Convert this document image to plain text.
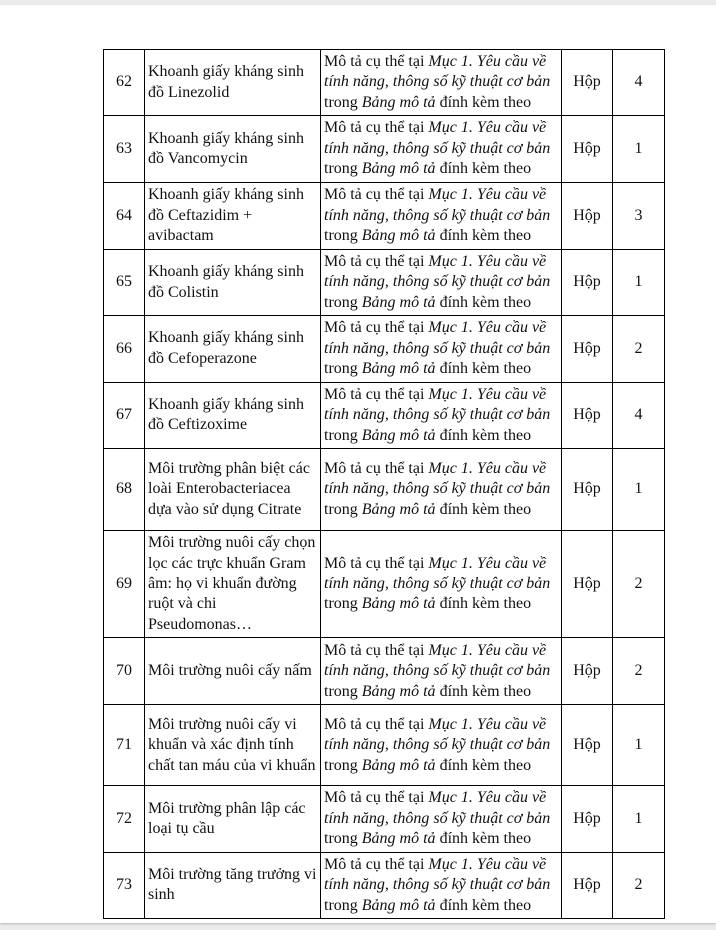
62	Khoanh giấy kháng sinh đồ Linezolid	Mô tả cụ thể tại Mục 1. Yêu cầu về tính năng, thông số kỹ thuật cơ bản trong Bảng mô tả đính kèm theo	Hộp	4
63	Khoanh giấy kháng sinh đồ Vancomycin	Mô tả cụ thể tại Mục 1. Yêu cầu về tính năng, thông số kỹ thuật cơ bản trong Bảng mô tả đính kèm theo	Hộp	1
64	Khoanh giấy kháng sinh đồ Ceftazidim + avibactam	Mô tả cụ thể tại Mục 1. Yêu cầu về tính năng, thông số kỹ thuật cơ bản trong Bảng mô tả đính kèm theo	Hộp	3
65	Khoanh giấy kháng sinh đồ Colistin	Mô tả cụ thể tại Mục 1. Yêu cầu về tính năng, thông số kỹ thuật cơ bản trong Bảng mô tả đính kèm theo	Hộp	1
66	Khoanh giấy kháng sinh đồ Cefoperazone	Mô tả cụ thể tại Mục 1. Yêu cầu về tính năng, thông số kỹ thuật cơ bản trong Bảng mô tả đính kèm theo	Hộp	2
67	Khoanh giấy kháng sinh đồ Ceftizoxime	Mô tả cụ thể tại Mục 1. Yêu cầu về tính năng, thông số kỹ thuật cơ bản trong Bảng mô tả đính kèm theo	Hộp	4
68	Môi trường phân biệt các loài Enterobacteriacea dựa vào sử dụng Citrate	Mô tả cụ thể tại Mục 1. Yêu cầu về tính năng, thông số kỹ thuật cơ bản trong Bảng mô tả đính kèm theo	Hộp	1
69	Môi trường nuôi cấy chọn lọc các trực khuẩn Gram âm: họ vi khuẩn đường ruột và chi Pseudomonas…	Mô tả cụ thể tại Mục 1. Yêu cầu về tính năng, thông số kỹ thuật cơ bản trong Bảng mô tả đính kèm theo	Hộp	2
70	Môi trường nuôi cấy nấm	Mô tả cụ thể tại Mục 1. Yêu cầu về tính năng, thông số kỹ thuật cơ bản trong Bảng mô tả đính kèm theo	Hộp	2
71	Môi trường nuôi cấy vi khuẩn và xác định tính chất tan máu của vi khuẩn	Mô tả cụ thể tại Mục 1. Yêu cầu về tính năng, thông số kỹ thuật cơ bản trong Bảng mô tả đính kèm theo	Hộp	1
72	Môi trường phân lập các loại tụ cầu	Mô tả cụ thể tại Mục 1. Yêu cầu về tính năng, thông số kỹ thuật cơ bản trong Bảng mô tả đính kèm theo	Hộp	1
73	Môi trường tăng trưởng vi sinh	Mô tả cụ thể tại Mục 1. Yêu cầu về tính năng, thông số kỹ thuật cơ bản trong Bảng mô tả đính kèm theo	Hộp	2
